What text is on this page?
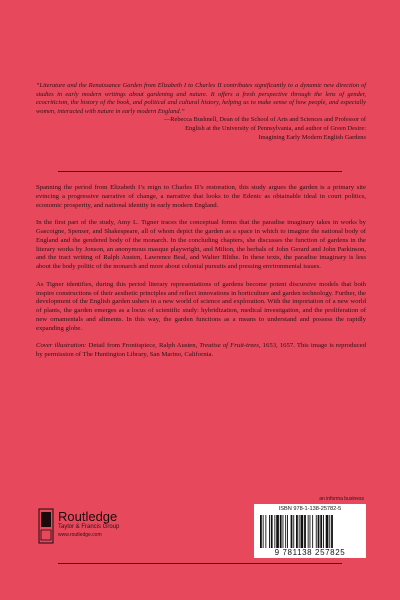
“Literature and the Renaissance Garden from Elizabeth I to Charles II contributes significantly to a dynamic new direction of studies in early modern writings about gardening and nature. It offers a fresh perspective through the lens of gender, ecocriticism, the history of the book, and political and cultural history, helping us to make sense of how people, and especially women, interacted with nature in early modern England.”
—Rebecca Bushnell, Dean of the School of Arts and Sciences and Professor of
English at the University of Pennsylvania, and author of Green Desire:
Imagining Early Modern English Gardens

Spanning the period from Elizabeth I’s reign to Charles II’s restoration, this study argues the garden is a primary site evincing a progressive narrative of change, a narrative that looks to the Edenic as obtainable ideal in court politics, economic prosperity, and national identity in early modern England.

In the first part of the study, Amy L. Tigner traces the conceptual forms that the paradise imaginary takes in works by Gascoigne, Spenser, and Shakespeare, all of whom depict the garden as a space in which to imagine the national body of England and the gendered body of the monarch. In the concluding chapters, she discusses the function of gardens in the literary works by Jonson, an anonymous masque playwright, and Milton, the herbals of John Gerard and John Parkinson, and the tract writing of Ralph Austen, Lawrence Beal, and Walter Blithe. In these texts, the paradise imaginary is less about the body politic of the monarch and more about colonial pursuits and pressing environmental issues.

As Tigner identifies, during this period literary representations of gardens become potent discursive models that both inspire constructions of their aesthetic principles and reflect innovations in horticulture and garden technology. Further, the development of the English garden ushers in a new world of science and exploration. With the importation of a new world of plants, the garden emerges as a locus of scientific study: hybridization, medical investigation, and the proliferation of new ornamentals and aliments. In this way, the garden functions as a means to understand and possess the rapidly expanding globe.

Cover illustration: Detail from Frontispiece, Ralph Austen, Treatise of Fruit-trees, 1653, 1657. This image is reproduced by permission of The Huntington Library, San Marino, California.

an informa business
Routledge
Taylor & Francis Group
www.routledge.com
ISBN 978-1-138-25782-5
9 781138 257825
